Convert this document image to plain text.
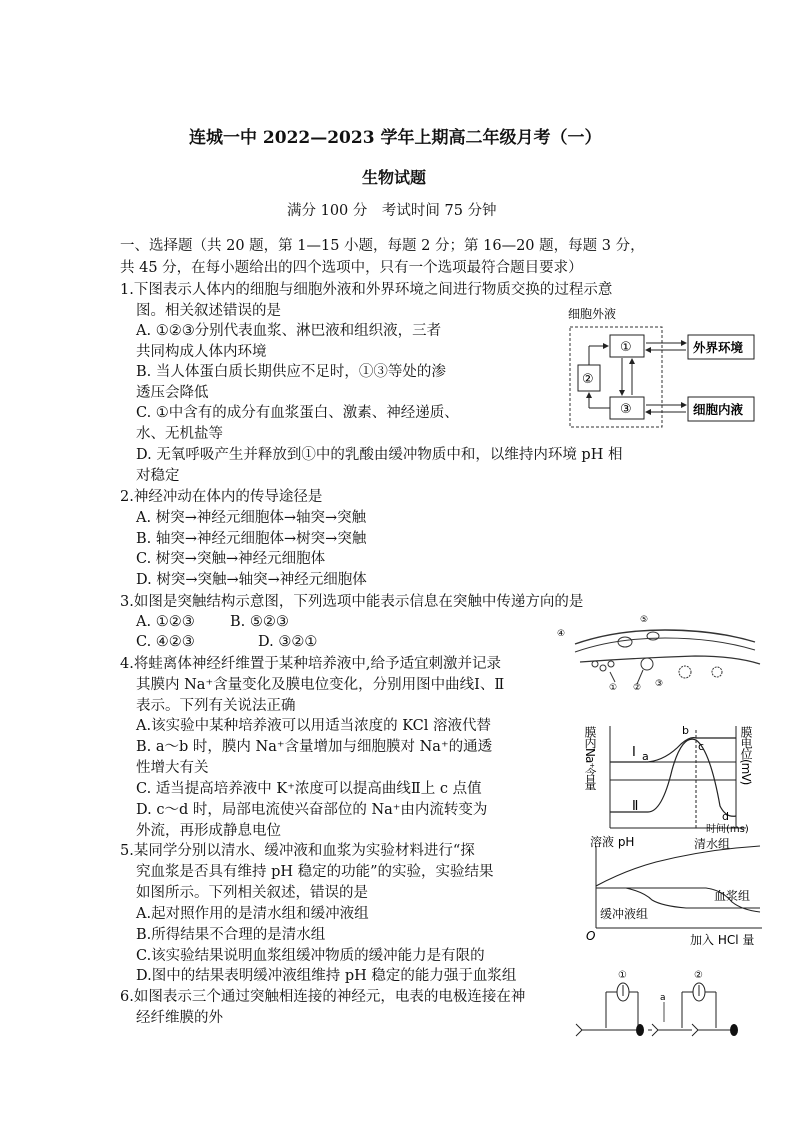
连城一中 2022—2023 学年上期高二年级月考（一）
生物试题
满分 100 分　考试时间 75 分钟
一、选择题（共 20 题，第 1—15 小题，每题 2 分；第 16—20 题，每题 3 分，
共 45 分，在每小题给出的四个选项中，只有一个选项最符合题目要求）
1.下图表示人体内的细胞与细胞外液和外界环境之间进行物质交换的过程示意
图。相关叙述错误的是
A. ①②③分别代表血浆、淋巴液和组织液，三者
共同构成人体内环境
B. 当人体蛋白质长期供应不足时，①③等处的渗
透压会降低
C. ①中含有的成分有血浆蛋白、激素、神经递质、
水、无机盐等
D. 无氧呼吸产生并释放到①中的乳酸由缓冲物质中和，以维持内环境 pH 相
对稳定
细胞外液
①
②
③
外界环境
细胞内液
2.神经冲动在体内的传导途径是
A. 树突→神经元细胞体→轴突→突触
B. 轴突→神经元细胞体→树突→突触
C. 树突→突触→神经元细胞体
D. 树突→突触→轴突→神经元细胞体
3.如图是突触结构示意图，下列选项中能表示信息在突触中传递方向的是
A. ①②③ B. ⑤②③
C. ④②③	D. ③②①	④
⑤
① ② ③
4.将蛙离体神经纤维置于某种培养液中,给予适宜刺激并记录
其膜内 Na⁺含量变化及膜电位变化，分别用图中曲线Ⅰ、Ⅱ
表示。下列有关说法正确
A.该实验中某种培养液可以用适当浓度的 KCl 溶液代替
B. a～b 时，膜内 Na⁺含量增加与细胞膜对 Na⁺的通透
性增大有关
C. 适当提高培养液中 K⁺浓度可以提高曲线Ⅱ上 c 点值
D. c～d 时，局部电流使兴奋部位的 Na⁺由内流转变为
外流，再形成静息电位
膜内Na⁺含量	膜电位(mV)
Ⅰ a
b
c
d
Ⅱ
时间(ms)
5.某同学分别以清水、缓冲液和血浆为实验材料进行“探
究血浆是否具有维持 pH 稳定的功能”的实验，实验结果
如图所示。下列相关叙述，错误的是
A.起对照作用的是清水组和缓冲液组
B.所得结果不合理的是清水组
C.该实验结果说明血浆组缓冲物质的缓冲能力是有限的
D.图中的结果表明缓冲液组维持 pH 稳定的能力强于血浆组
溶液 pH	清水组
血浆组
缓冲液组
O	加入 HCl 量
6.如图表示三个通过突触相连接的神经元，电表的电极连接在神
经纤维膜的外
①	②
a
